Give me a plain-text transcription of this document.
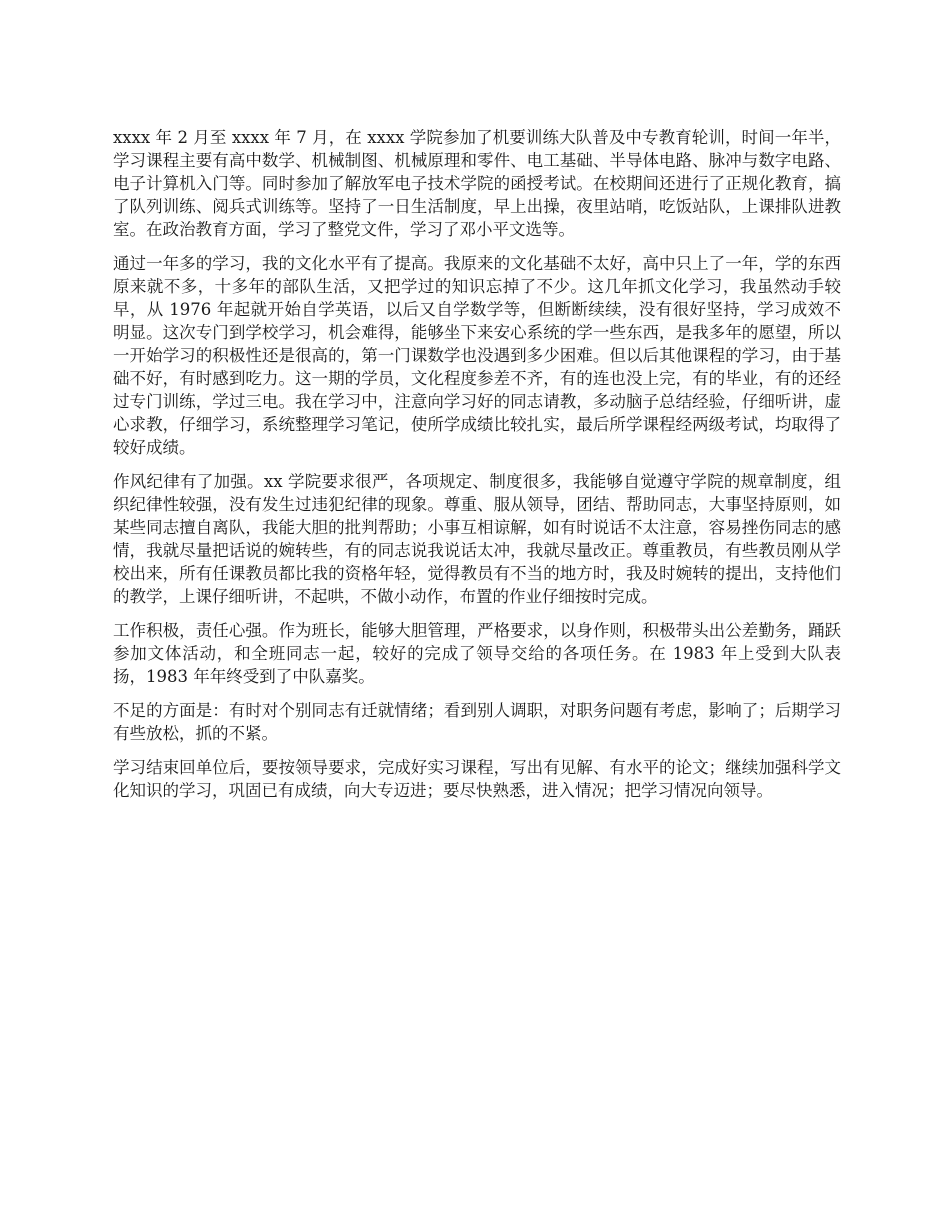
xxxx 年 2 月至 xxxx 年 7 月，在 xxxx 学院参加了机要训练大队普及中专教育轮训，时间一年半，学习课程主要有高中数学、机械制图、机械原理和零件、电工基础、半导体电路、脉冲与数字电路、电子计算机入门等。同时参加了解放军电子技术学院的函授考试。在校期间还进行了正规化教育，搞了队列训练、阅兵式训练等。坚持了一日生活制度，早上出操，夜里站哨，吃饭站队，上课排队进教室。在政治教育方面，学习了整党文件，学习了邓小平文选等。

通过一年多的学习，我的文化水平有了提高。我原来的文化基础不太好，高中只上了一年，学的东西原来就不多，十多年的部队生活，又把学过的知识忘掉了不少。这几年抓文化学习，我虽然动手较早，从 1976 年起就开始自学英语，以后又自学数学等，但断断续续，没有很好坚持，学习成效不明显。这次专门到学校学习，机会难得，能够坐下来安心系统的学一些东西，是我多年的愿望，所以一开始学习的积极性还是很高的，第一门课数学也没遇到多少困难。但以后其他课程的学习，由于基础不好，有时感到吃力。这一期的学员，文化程度参差不齐，有的连也没上完，有的毕业，有的还经过专门训练，学过三电。我在学习中，注意向学习好的同志请教，多动脑子总结经验，仔细听讲，虚心求教，仔细学习，系统整理学习笔记，使所学成绩比较扎实，最后所学课程经两级考试，均取得了较好成绩。

作风纪律有了加强。xx 学院要求很严，各项规定、制度很多，我能够自觉遵守学院的规章制度，组织纪律性较强，没有发生过违犯纪律的现象。尊重、服从领导，团结、帮助同志，大事坚持原则，如某些同志擅自离队，我能大胆的批判帮助；小事互相谅解，如有时说话不太注意，容易挫伤同志的感情，我就尽量把话说的婉转些，有的同志说我说话太冲，我就尽量改正。尊重教员，有些教员刚从学校出来，所有任课教员都比我的资格年轻，觉得教员有不当的地方时，我及时婉转的提出，支持他们的教学，上课仔细听讲，不起哄，不做小动作，布置的作业仔细按时完成。

工作积极，责任心强。作为班长，能够大胆管理，严格要求，以身作则，积极带头出公差勤务，踊跃参加文体活动，和全班同志一起，较好的完成了领导交给的各项任务。在 1983 年上受到大队表扬，1983 年年终受到了中队嘉奖。

不足的方面是：有时对个别同志有迁就情绪；看到别人调职，对职务问题有考虑，影响了；后期学习有些放松，抓的不紧。

学习结束回单位后，要按领导要求，完成好实习课程，写出有见解、有水平的论文；继续加强科学文化知识的学习，巩固已有成绩，向大专迈进；要尽快熟悉，进入情况；把学习情况向领导。
